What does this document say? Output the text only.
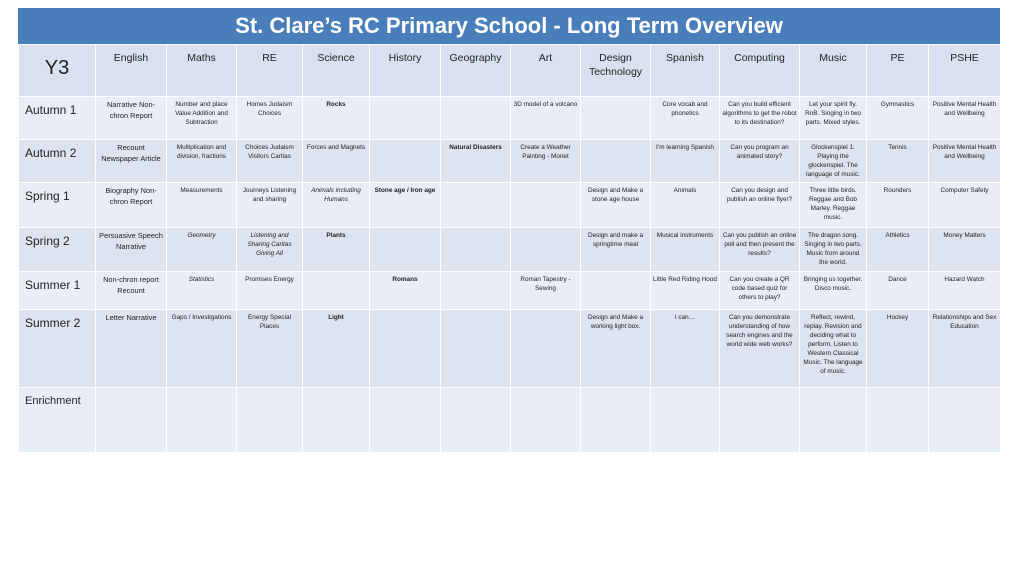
St. Clare’s RC Primary School - Long Term Overview
Y3	English	Maths	RE	Science	History	Geography	Art	Design Technology	Spanish	Computing	Music	PE	PSHE
Autumn 1	Narrative Non-chron Report	Number and place Value Addition and Subtraction	Homes Judaism Choices	Rocks			3D model of a volcano		Core vocab and phonetics	Can you build efficient algorithms to get the robot to its destination?	Let your spirit fly. RnB. Singing in two parts. Mixed styles.	Gymnastics	Positive Mental Health and Wellbeing
Autumn 2	Recount Newspaper Article	Multiplication and division, fractions	Choices Judaism Visitors Caritas	Forces and Magnets		Natural Disasters	Create a Weather Painting - Monet		I’m learning Spanish	Can you program an animated story?	Glockenspiel 1. Playing the glockenspiel. The language of music.	Tennis	Positive Mental Health and Wellbeing
Spring 1	Biography Non-chron Report	Measurements	Journeys Listening and sharing	Animals including Humans	Stone age / Iron age			Design and Make a stone age house	Animals	Can you design and publish an online flyer?	Three little birds. Reggae and Bob Marley. Reggae music.	Rounders	Computer Safety
Spring 2	Persuasive Speech Narrative	Geometry	Listening and Sharing Caritas Giving All	Plants				Design and make a springtime meal	Musical instruments	Can you publish an online poll and then present the results?	The dragon song. Singing in two parts. Music from around the world.	Athletics	Money Matters
Summer 1	Non-chron report Recount	Statistics	Promises Energy		Romans		Roman Tapestry - Sewing		Little Red Riding Hood	Can you create a QR code based quiz for others to play?	Bringing us together. Disco music.	Dance	Hazard Watch
Summer 2	Letter Narrative	Gaps / Investigations	Energy Special Places	Light				Design and Make a working light box.	I can…	Can you demonstrate understanding of how search engines and the world wide web works?	Reflect, rewind, replay. Revision and deciding what to perform. Listen to Western Classical Music. The language of music.	Hockey	Relationships and Sex Education
Enrichment													
